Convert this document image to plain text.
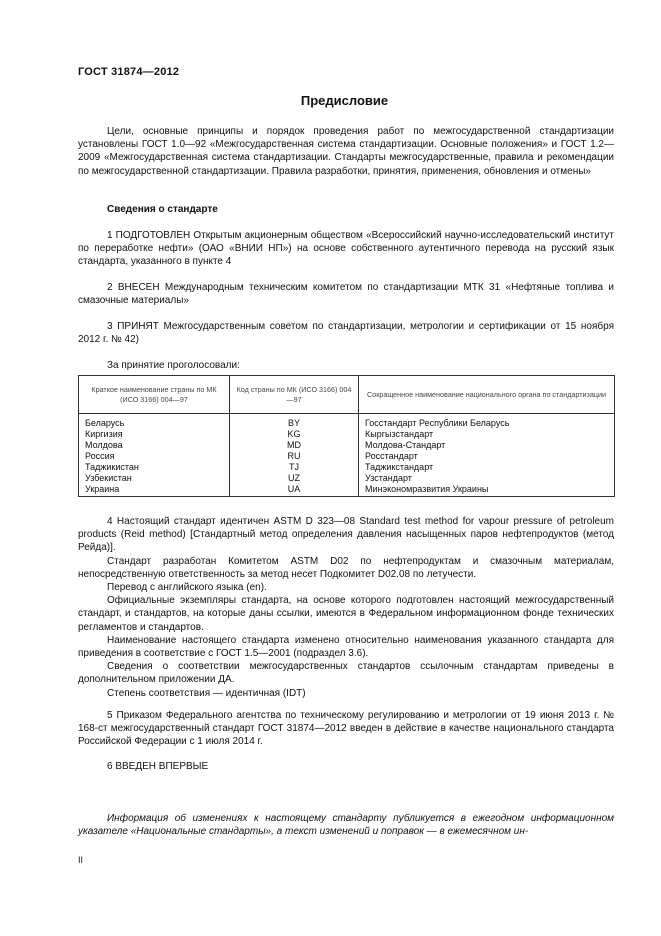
ГОСТ 31874—2012
Предисловие
Цели, основные принципы и порядок проведения работ по межгосударственной стандартизации установлены ГОСТ 1.0—92 «Межгосударственная система стандартизации. Основные положения» и ГОСТ 1.2—2009 «Межгосударственная система стандартизации. Стандарты межгосударственные, правила и рекомендации по межгосударственной стандартизации. Правила разработки, принятия, применения, обновления и отмены»
Сведения о стандарте
1 ПОДГОТОВЛЕН Открытым акционерным обществом «Всероссийский научно-исследовательский институт по переработке нефти» (ОАО «ВНИИ НП») на основе собственного аутентичного перевода на русский язык стандарта, указанного в пункте 4
2 ВНЕСЕН Международным техническим комитетом по стандартизации МТК 31 «Нефтяные топлива и смазочные материалы»
3 ПРИНЯТ Межгосударственным советом по стандартизации, метрологии и сертификации от 15 ноября 2012 г. № 42)
За принятие проголосовали:
Краткое наименование страны по МК (ИСО 3166) 004—97	Код страны по МК (ИСО 3166) 004—97	Сокращенное наименование национального органа по стандартизации
Беларусь	BY	Госстандарт Республики Беларусь
Киргизия	KG	Кыргызстандарт
Молдова	MD	Молдова-Стандарт
Россия	RU	Росстандарт
Таджикистан	TJ	Таджикстандарт
Узбекистан	UZ	Узстандарт
Украина	UA	Минэкономразвития Украины

4 Настоящий стандарт идентичен ASTM D 323—08 Standard test method for vapour pressure of petroleum products (Reid method) [Стандартный метод определения давления насыщенных паров нефтепродуктов (метод Рейда)].

Стандарт разработан Комитетом ASTM D02 по нефтепродуктам и смазочным материалам, непосредственную ответственность за метод несет Подкомитет D02.08 по летучести.

Перевод с английского языка (en).

Официальные экземпляры стандарта, на основе которого подготовлен настоящий межгосударственный стандарт, и стандартов, на которые даны ссылки, имеются в Федеральном информационном фонде технических регламентов и стандартов.

Наименование настоящего стандарта изменено относительно наименования указанного стандарта для приведения в соответствие с ГОСТ 1.5—2001 (подраздел 3.6).

Сведения о соответствии межгосударственных стандартов ссылочным стандартам приведены в дополнительном приложении ДА.

Степень соответствия — идентичная (IDT)

5 Приказом Федерального агентства по техническому регулированию и метрологии от 19 июня 2013 г. № 168-ст межгосударственный стандарт ГОСТ 31874—2012 введен в действие в качестве национального стандарта Российской Федерации с 1 июля 2014 г.
6 ВВЕДЕН ВПЕРВЫЕ
Информация об изменениях к настоящему стандарту публикуется в ежегодном информационном указателе «Национальные стандарты», а текст изменений и поправок — в ежемесячном ин-
II
